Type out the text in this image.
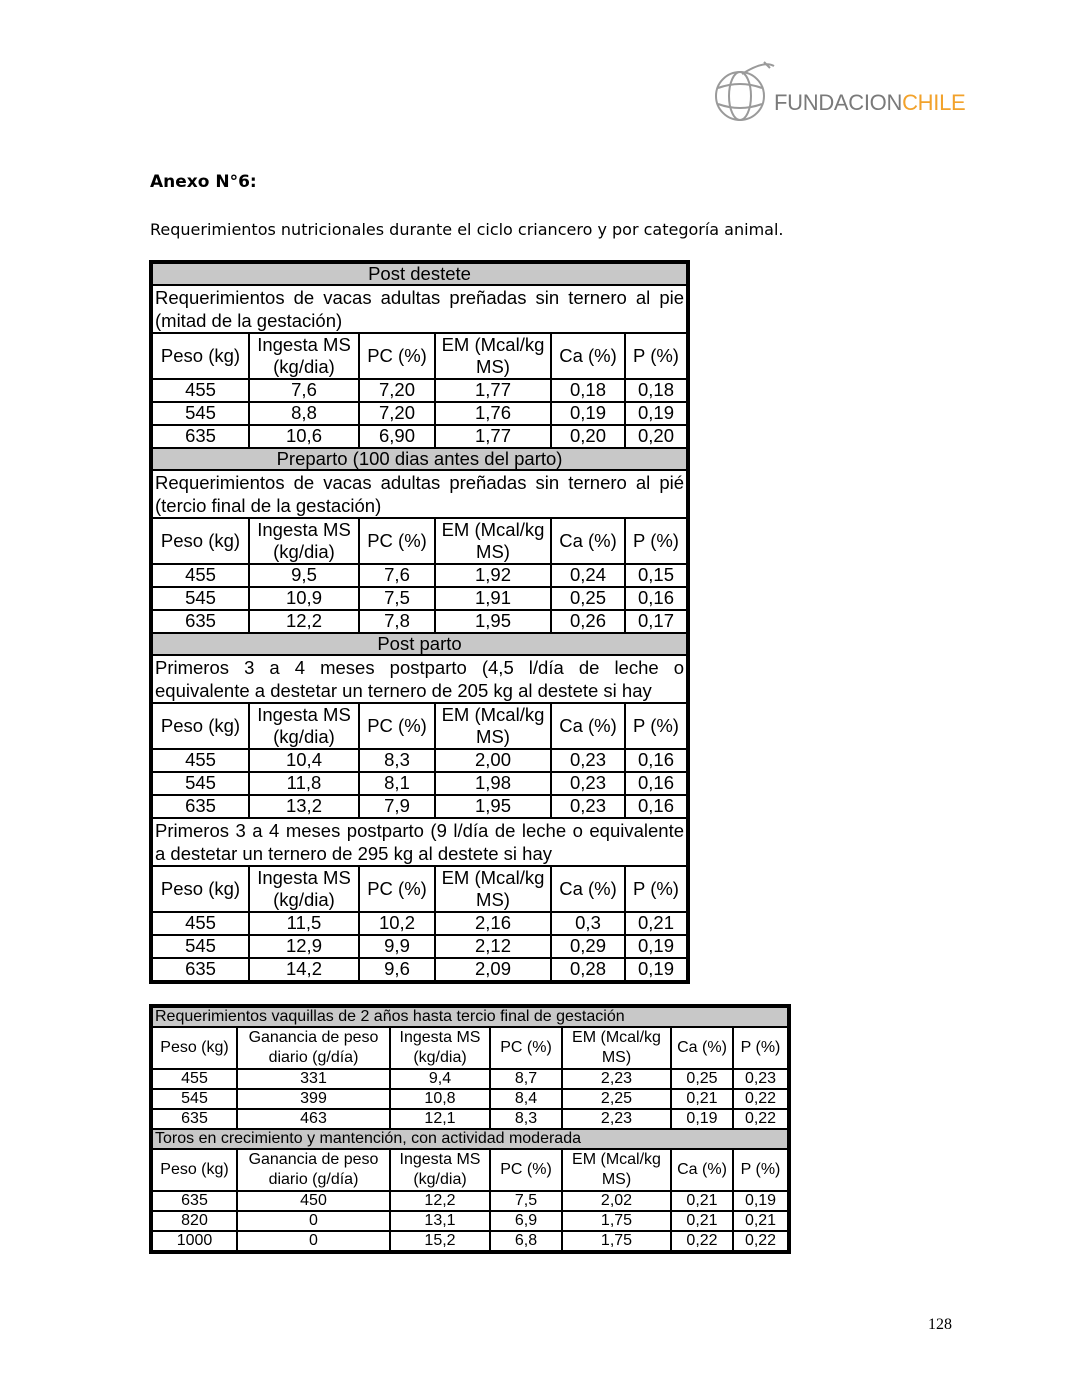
FUNDACIONCHILE
Anexo N°6:
Requerimientos nutricionales durante el ciclo criancero y por categoría animal.
Post destete					
Requerimientos de vacas adultas preñadas sin ternero al pie (mitad de la gestación)					
Peso (kg)	Ingesta MS (kg/dia)	PC (%)	EM (Mcal/kg MS)	Ca (%)	P (%)
455	7,6	7,20	1,77	0,18	0,18
545	8,8	7,20	1,76	0,19	0,19
635	10,6	6,90	1,77	0,20	0,20
Preparto (100 dias antes del parto)					
Requerimientos de vacas adultas preñadas sin ternero al pié (tercio final de la gestación)					
Peso (kg)	Ingesta MS (kg/dia)	PC (%)	EM (Mcal/kg MS)	Ca (%)	P (%)
455	9,5	7,6	1,92	0,24	0,15
545	10,9	7,5	1,91	0,25	0,16
635	12,2	7,8	1,95	0,26	0,17
Post parto					
Primeros 3 a 4 meses postparto (4,5 l/día de leche o equivalente a destetar un ternero de 205 kg al destete si hay					
Peso (kg)	Ingesta MS (kg/dia)	PC (%)	EM (Mcal/kg MS)	Ca (%)	P (%)
455	10,4	8,3	2,00	0,23	0,16
545	11,8	8,1	1,98	0,23	0,16
635	13,2	7,9	1,95	0,23	0,16
Primeros 3 a 4 meses postparto (9 l/día de leche o equivalente a destetar un ternero de 295 kg al destete si hay					
Peso (kg)	Ingesta MS (kg/dia)	PC (%)	EM (Mcal/kg MS)	Ca (%)	P (%)
455	11,5	10,2	2,16	0,3	0,21
545	12,9	9,9	2,12	0,29	0,19
635	14,2	9,6	2,09	0,28	0,19
Requerimientos vaquillas de 2 años hasta tercio final de gestación						
Peso (kg)	Ganancia de peso diario (g/día)	Ingesta MS (kg/dia)	PC (%)	EM (Mcal/kg MS)	Ca (%)	P (%)
455	331	9,4	8,7	2,23	0,25	0,23
545	399	10,8	8,4	2,25	0,21	0,22
635	463	12,1	8,3	2,23	0,19	0,22
Toros en crecimiento y mantención, con actividad moderada						
Peso (kg)	Ganancia de peso diario (g/día)	Ingesta MS (kg/dia)	PC (%)	EM (Mcal/kg MS)	Ca (%)	P (%)
635	450	12,2	7,5	2,02	0,21	0,19
820	0	13,1	6,9	1,75	0,21	0,21
1000	0	15,2	6,8	1,75	0,22	0,22
128
